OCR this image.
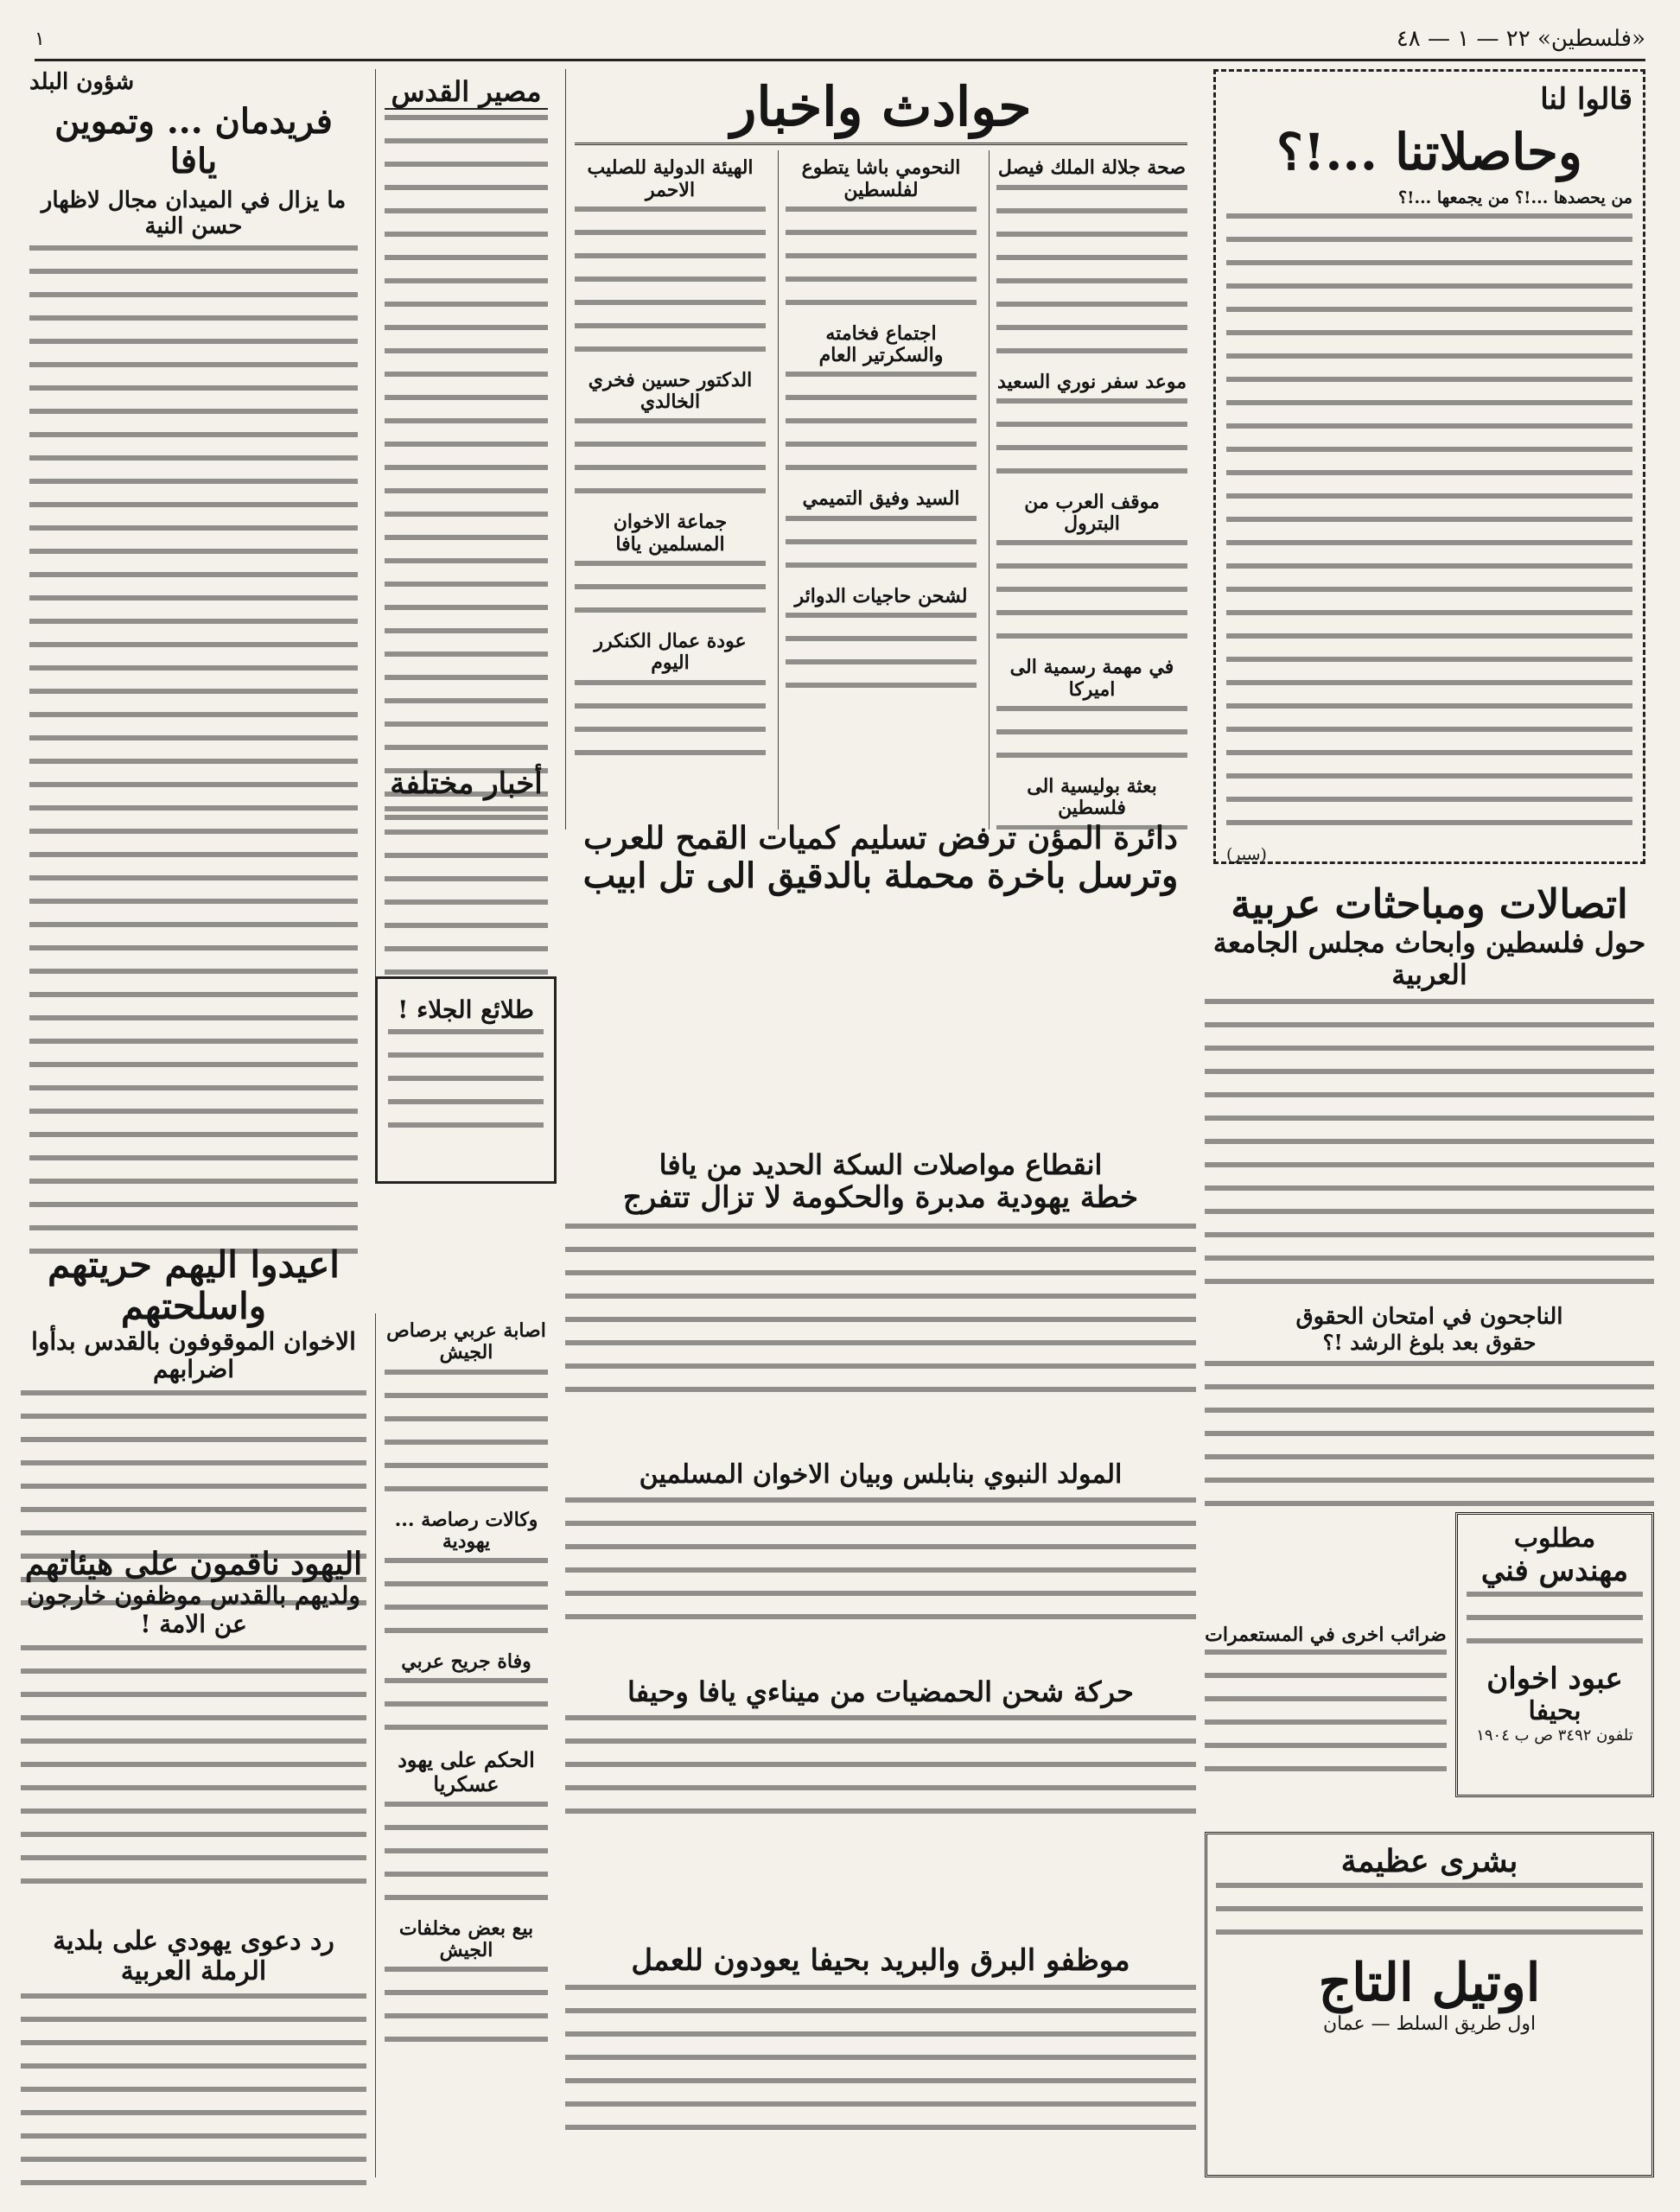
«فلسطين» ٢٢ — ١ — ٤٨
١
قالوا لنا
وحاصلاتنا ...!؟
من يحصدها ...!؟ من يجمعها ...!؟
(سير)
حوادث واخبار
صحة جلالة الملك فيصل
موعد سفر نوري السعيد
موقف العرب من البترول
في مهمة رسمية الى اميركا
بعثة بوليسية الى فلسطين
النحومي باشا يتطوع لفلسطين
اجتماع فخامته والسكرتير العام
السيد وفيق التميمي
لشحن حاجيات الدوائر
الهيئة الدولية للصليب الاحمر
الدكتور حسين فخري الخالدي
جماعة الاخوان المسلمين يافا
عودة عمال الكنكرر اليوم
مصير القدس
شؤون البلد
فريدمان ... وتموين يافا
ما يزال في الميدان مجال لاظهار حسن النية
أخبار مختلفة
دائرة المؤن ترفض تسليم كميات القمح للعرب
وترسل باخرة محملة بالدقيق الى تل ابيب
اتصالات ومباحثات عربية
حول فلسطين وابحاث مجلس الجامعة العربية
الناجحون في امتحان الحقوق
حقوق بعد بلوغ الرشد !؟
مطلوب
مهندس فني
عبود اخوان
بحيفا
تلفون ٣٤٩٢ ص ب ١٩٠٤
ضرائب اخرى في المستعمرات
بشرى عظيمة
اوتيل التاج
اول طريق السلط — عمان
طلائع الجلاء !
انقطاع مواصلات السكة الحديد من يافا
خطة يهودية مدبرة والحكومة لا تزال تتفرج
اصابة عربي برصاص الجيش
وكالات رصاصة ... يهودية
وفاة جريح عربي
الحكم على يهود عسكريا
بيع بعض مخلفات الجيش
المولد النبوي بنابلس وبيان الاخوان المسلمين
حركة شحن الحمضيات من ميناءي يافا وحيفا
موظفو البرق والبريد بحيفا يعودون للعمل
اعيدوا اليهم حريتهم واسلحتهم
الاخوان الموقوفون بالقدس بدأوا اضرابهم
اليهود ناقمون على هيئاتهم
ولديهم بالقدس موظفون خارجون عن الامة !
رد دعوى يهودي على بلدية الرملة العربية
